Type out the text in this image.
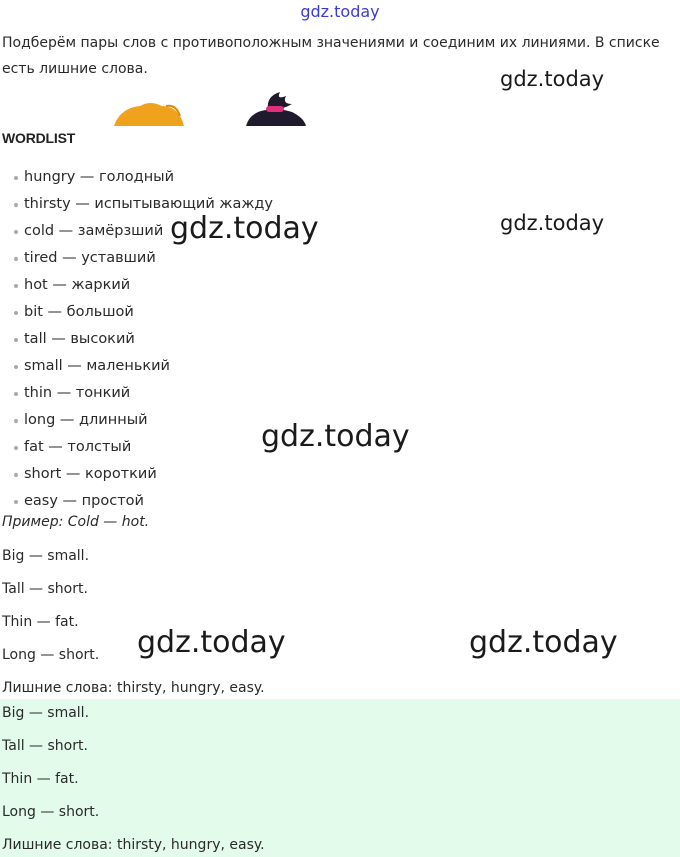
gdz.today
Подберём пары слов с противоположным значениями и соединим их линиями. В списке есть лишние слова.	gdz.today
WORDLIST
hungry — голодный
thirsty — испытывающий жажду
cold — замёрзший
tired — уставший
hot — жаркий
bit — большой
tall — высокий
small — маленький
thin — тонкий
long — длинный
fat — толстый
short — короткий
easy — простой
gdz.today	gdz.today
gdz.today
Пример: Cold — hot.
Big — small.
Tall — short.
Thin — fat.
Long — short.
Лишние слова: thirsty, hungry, easy.
gdz.today	gdz.today
Big — small.
Tall — short.
Thin — fat.
Long — short.
Лишние слова: thirsty, hungry, easy.
